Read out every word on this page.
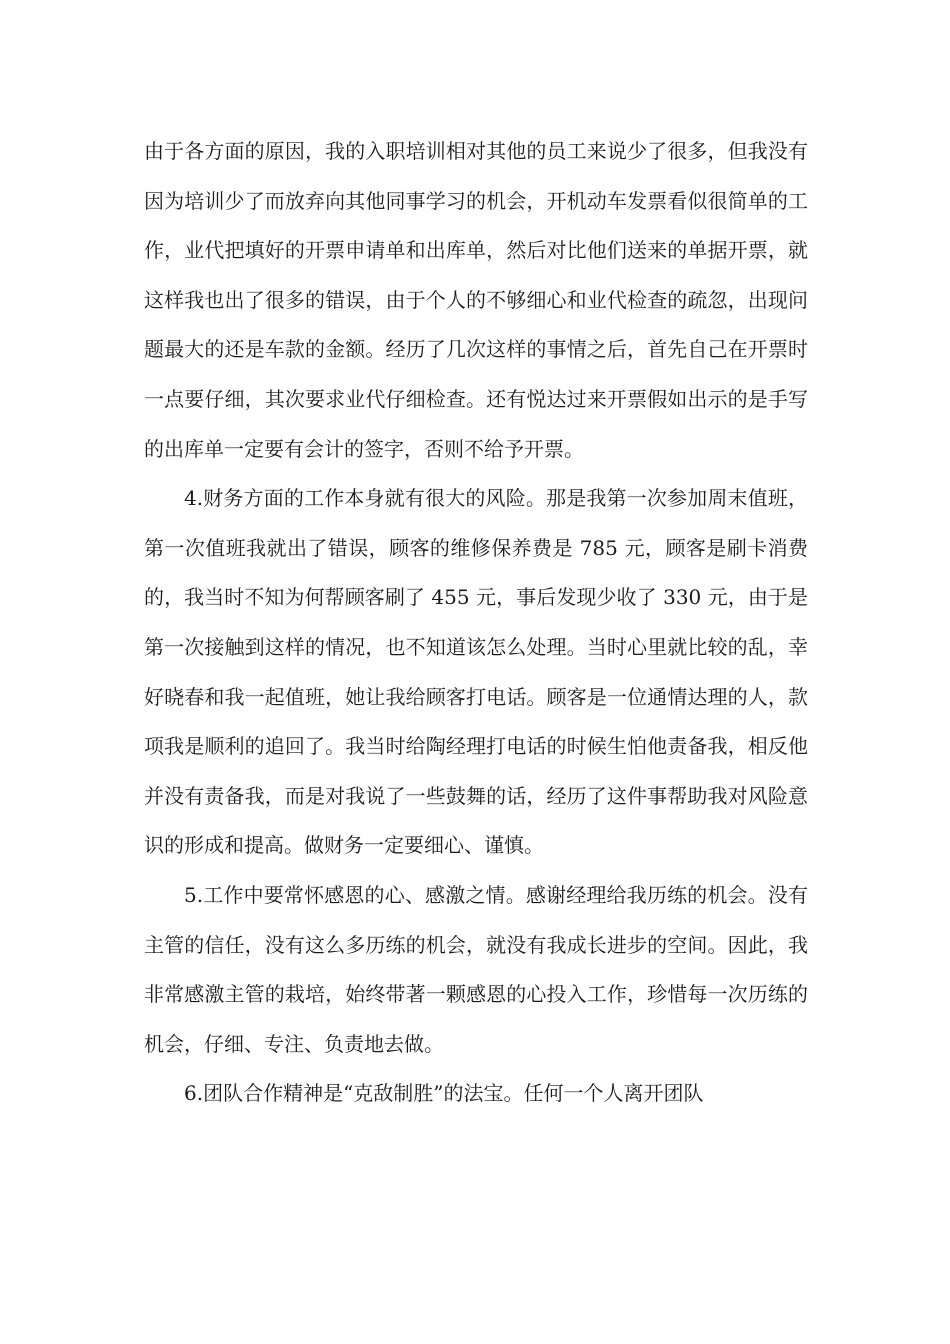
由于各方面的原因，我的入职培训相对其他的员工来说少了很多，但我没有因为培训少了而放弃向其他同事学习的机会，开机动车发票看似很简单的工作，业代把填好的开票申请单和出库单，然后对比他们送来的单据开票，就这样我也出了很多的错误，由于个人的不够细心和业代检查的疏忽，出现问题最大的还是车款的金额。经历了几次这样的事情之后，首先自己在开票时一点要仔细，其次要求业代仔细检查。还有悦达过来开票假如出示的是手写的出库单一定要有会计的签字，否则不给予开票。

4.财务方面的工作本身就有很大的风险。那是我第一次参加周末值班，第一次值班我就出了错误，顾客的维修保养费是 785 元，顾客是刷卡消费的，我当时不知为何帮顾客刷了 455 元，事后发现少收了 330 元，由于是第一次接触到这样的情况，也不知道该怎么处理。当时心里就比较的乱，幸好晓春和我一起值班，她让我给顾客打电话。顾客是一位通情达理的人，款项我是顺利的追回了。我当时给陶经理打电话的时候生怕他责备我，相反他并没有责备我，而是对我说了一些鼓舞的话，经历了这件事帮助我对风险意识的形成和提高。做财务一定要细心、谨慎。

5.工作中要常怀感恩的心、感激之情。感谢经理给我历练的机会。没有主管的信任，没有这么多历练的机会，就没有我成长进步的空间。因此，我非常感激主管的栽培，始终带著一颗感恩的心投入工作，珍惜每一次历练的机会，仔细、专注、负责地去做。

6.团队合作精神是“克敌制胜”的法宝。任何一个人离开团队
